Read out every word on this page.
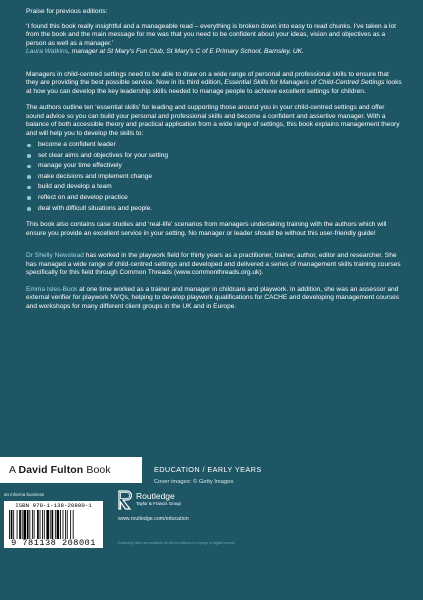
Praise for previous editions:
‘I found this book really insightful and a manageable read – everything is broken down into easy to read chunks. I've taken a lot from the book and the main message for me was that you need to be confident about your ideas, vision and objectives as a person as well as a manager.’
Laura Watkins, manager at St Mary's Fun Club, St Mary's C of E Primary School, Barnsley, UK.

Managers in child-centred settings need to be able to draw on a wide range of personal and professional skills to ensure that they are providing the best possible service. Now in its third edition, Essential Skills for Managers of Child-Centred Settings looks at how you can develop the key leadership skills needed to manage people to achieve excellent settings for children.

The authors outline ten ‘essential skills’ for leading and supporting those around you in your child-centred settings and offer sound advice so you can build your personal and professional skills and become a confident and assertive manager. With a balance of both accessible theory and practical application from a wide range of settings, this book explains management theory and will help you to develop the skills to:

become a confident leader
set clear aims and objectives for your setting
manage your time effectively
make decisions and implement change
build and develop a team
reflect on and develop practice
deal with difficult situations and people.

This book also contains case studies and ‘real-life’ scenarios from managers undertaking training with the authors which will ensure you provide an excellent service in your setting. No manager or leader should be without this user-friendly guide!

Dr Shelly Newstead has worked in the playwork field for thirty years as a practitioner, trainer, author, editor and researcher. She has managed a wide range of child-centred settings and developed and delivered a series of management skills training courses specifically for this field through Common Threads (www.commonthreads.org.uk).

Emma Isles-Buck at one time worked as a trainer and manager in childcare and playwork. In addition, she was an assessor and external verifier for playwork NVQs, helping to develop playwork qualifications for CACHE and developing management courses and workshops for many different client groups in the UK and in Europe.

A David Fulton Book	EDUCATION / EARLY YEARS
Cover images: © Getty Images
an informa business
ISBN 978-1-138-20800-1
9 781138 208001
Routledge
Taylor & Francis Group
www.routledge.com/education
Routledge titles are available as eBook editions in a range of digital formats
